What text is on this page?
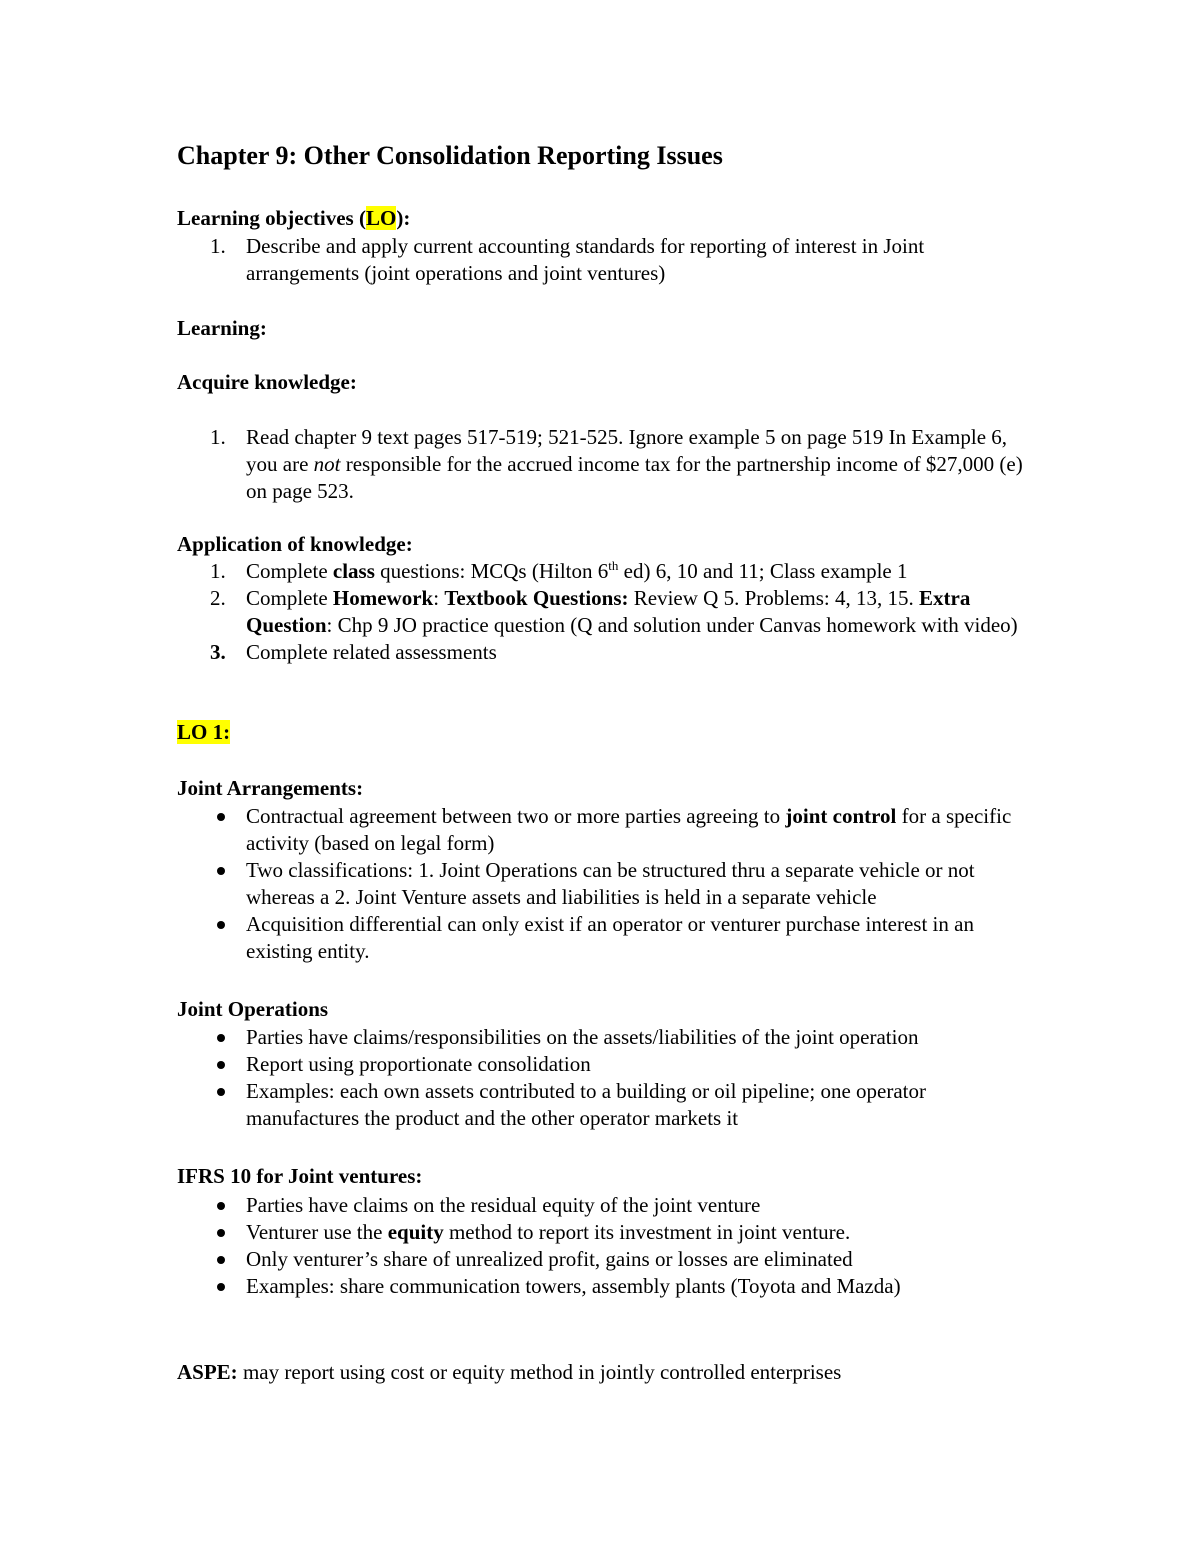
Chapter 9: Other Consolidation Reporting Issues
Learning objectives (LO):
1. Describe and apply current accounting standards for reporting of interest in Joint arrangements (joint operations and joint ventures)
Learning:
Acquire knowledge:
1. Read chapter 9 text pages 517-519; 521-525. Ignore example 5 on page 519 In Example 6, you are not responsible for the accrued income tax for the partnership income of $27,000 (e) on page 523.
Application of knowledge:
1. Complete class questions: MCQs (Hilton 6th ed) 6, 10 and 11; Class example 1
2. Complete Homework: Textbook Questions: Review Q 5. Problems: 4, 13, 15. Extra Question: Chp 9 JO practice question (Q and solution under Canvas homework with video)
3. Complete related assessments
LO 1:
Joint Arrangements:
Contractual agreement between two or more parties agreeing to joint control for a specific activity (based on legal form)
Two classifications: 1. Joint Operations can be structured thru a separate vehicle or not whereas a 2. Joint Venture assets and liabilities is held in a separate vehicle
Acquisition differential can only exist if an operator or venturer purchase interest in an existing entity.
Joint Operations
Parties have claims/responsibilities on the assets/liabilities of the joint operation
Report using proportionate consolidation
Examples: each own assets contributed to a building or oil pipeline; one operator manufactures the product and the other operator markets it
IFRS 10 for Joint ventures:
Parties have claims on the residual equity of the joint venture
Venturer use the equity method to report its investment in joint venture.
Only venturer’s share of unrealized profit, gains or losses are eliminated
Examples: share communication towers, assembly plants (Toyota and Mazda)
ASPE: may report using cost or equity method in jointly controlled enterprises
